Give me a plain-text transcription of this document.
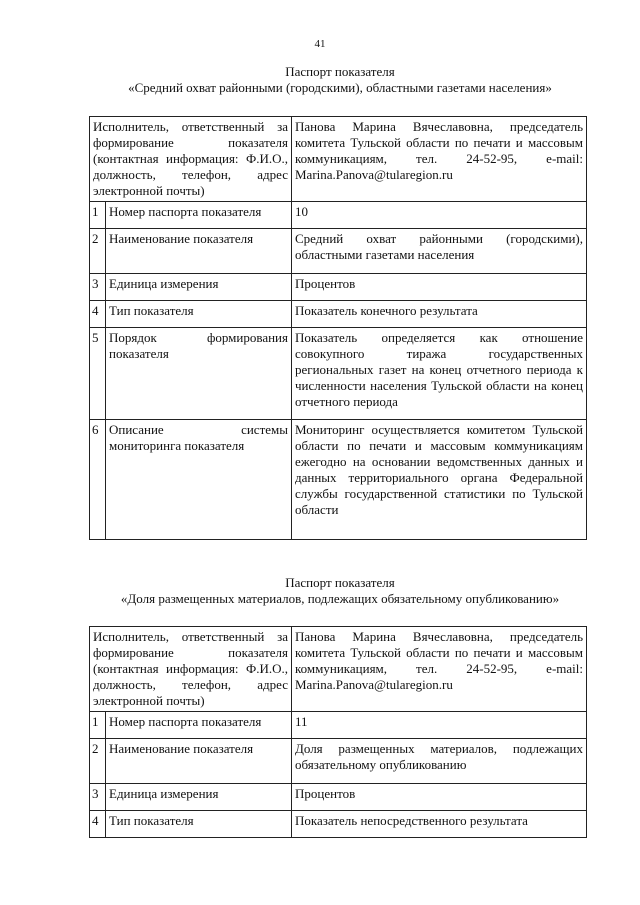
41
Паспорт показателя
«Средний охват районными (городскими), областными газетами населения»
Исполнитель, ответственный за формирование показателя (контактная информация: Ф.И.О., должность, телефон, адрес электронной почты)		Панова Марина Вячеславовна, председатель комитета Тульской области по печати и массовым коммуникациям, тел. 24-52-95, e-mail: Marina.Panova@tularegion.ru

1	Номер паспорта показателя	10
2	Наименование показателя	Средний охват районными (городскими), областными газетами населения

3	Единица измерения	Процентов
4	Тип показателя	Показатель конечного результата
5	Порядок формирования показателя	Показатель определяется как отношение совокупного тиража государственных региональных газет на конец отчетного периода к численности населения Тульской области на конец отчетного периода

6	Описание системы мониторинга показателя	Мониторинг осуществляется комитетом Тульской области по печати и массовым коммуникациям ежегодно на основании ведомственных данных и данных территориального органа Федеральной службы государственной статистики по Тульской области
Паспорт показателя
«Доля размещенных материалов, подлежащих обязательному опубликованию»
Исполнитель, ответственный за формирование показателя (контактная информация: Ф.И.О., должность, телефон, адрес электронной почты)		Панова Марина Вячеславовна, председатель комитета Тульской области по печати и массовым коммуникациям, тел. 24-52-95, e-mail: Marina.Panova@tularegion.ru

1	Номер паспорта показателя	11
2	Наименование показателя	Доля размещенных материалов, подлежащих обязательному опубликованию

3	Единица измерения	Процентов
4	Тип показателя	Показатель непосредственного результата
